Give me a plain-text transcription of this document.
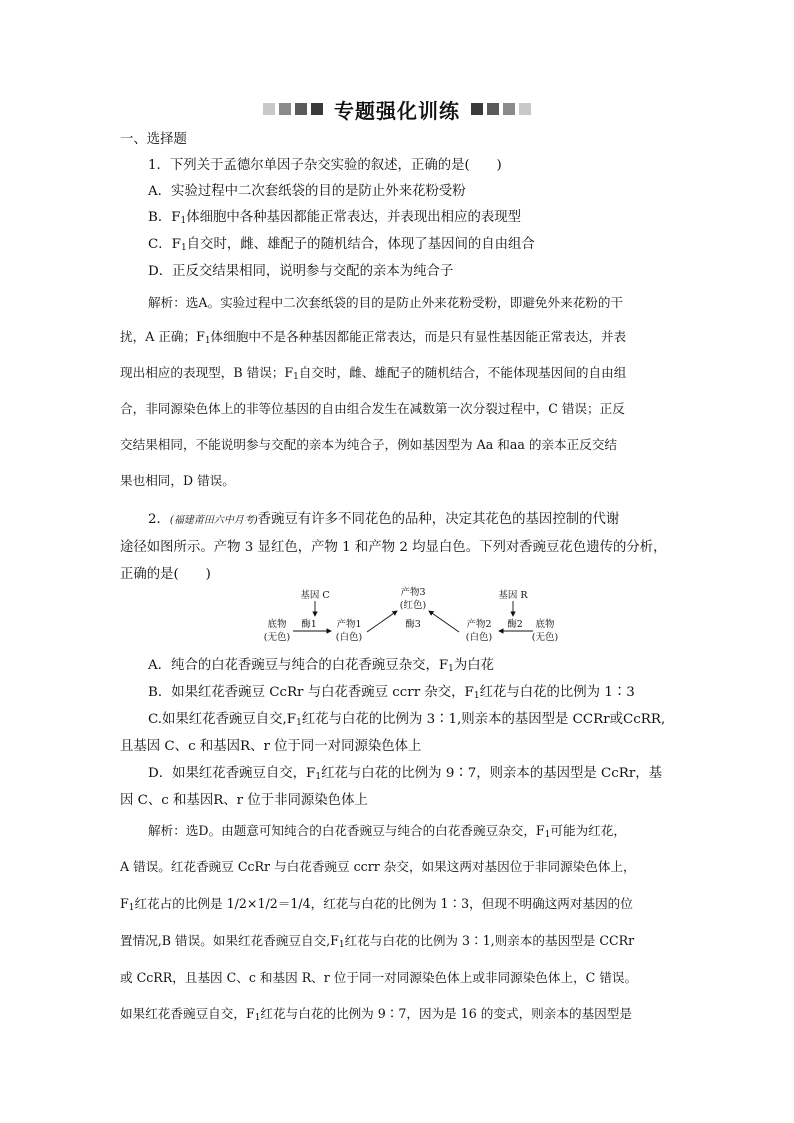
专题强化训练
一、选择题
1．下列关于孟德尔单因子杂交实验的叙述，正确的是(　　)
A．实验过程中二次套纸袋的目的是防止外来花粉受粉
B．$F_1$体细胞中各种基因都能正常表达，并表现出相应的表现型
C．$F_1$自交时，雌、雄配子的随机结合，体现了基因间的自由组合
D．正反交结果相同，说明参与交配的亲本为纯合子
解析：选A。实验过程中二次套纸袋的目的是防止外来花粉受粉，即避免外来花粉的干
扰，A 正确；$F_1$体细胞中不是各种基因都能正常表达，而是只有显性基因能正常表达，并表
现出相应的表现型，B 错误；$F_1$自交时，雌、雄配子的随机结合，不能体现基因间的自由组
合，非同源染色体上的非等位基因的自由组合发生在减数第一次分裂过程中，C 错误；正反
交结果相同，不能说明参与交配的亲本为纯合子，例如基因型为 Aa 和aa 的亲本正反交结
果也相同，D 错误。
2．(福建莆田六中月考)香豌豆有许多不同花色的品种，决定其花色的基因控制的代谢
途径如图所示。产物 3 显红色，产物 1 和产物 2 均显白色。下列对香豌豆花色遗传的分析，
正确的是(　　)
基因 C
底物
(无色)
酶1 产物1
(白色)
产物3
(红色)
酶3	产物2
(白色)
酶2
基因 R
底物
(无色)
A．纯合的白花香豌豆与纯合的白花香豌豆杂交，$F_1$为白花
B．如果红花香豌豆 CcRr 与白花香豌豆 ccrr 杂交，$F_1$红花与白花的比例为 1∶3
C.如果红花香豌豆自交$,F_1$红花与白花的比例为 3∶1,则亲本的基因型是 CCRr或CcRR,
且基因 C、c 和基因R、r 位于同一对同源染色体上
D．如果红花香豌豆自交，$F_1$红花与白花的比例为 9∶7，则亲本的基因型是 CcRr，基
因 C、c 和基因R、r 位于非同源染色体上
解析：选D。由题意可知纯合的白花香豌豆与纯合的白花香豌豆杂交，$F_1$可能为红花，
A 错误。红花香豌豆 CcRr 与白花香豌豆 ccrr 杂交，如果这两对基因位于非同源染色体上，
$F_1$红花占的比例是 1/2×1/2＝1/4，红花与白花的比例为 1∶3，但现不明确这两对基因的位
置情况,B 错误。如果红花香豌豆自交$,F_1$红花与白花的比例为 3∶1,则亲本的基因型是 CCRr
或 CcRR，且基因 C、c 和基因 R、r 位于同一对同源染色体上或非同源染色体上，C 错误。
如果红花香豌豆自交，$F_1$红花与白花的比例为 9∶7，因为是 16 的变式，则亲本的基因型是
